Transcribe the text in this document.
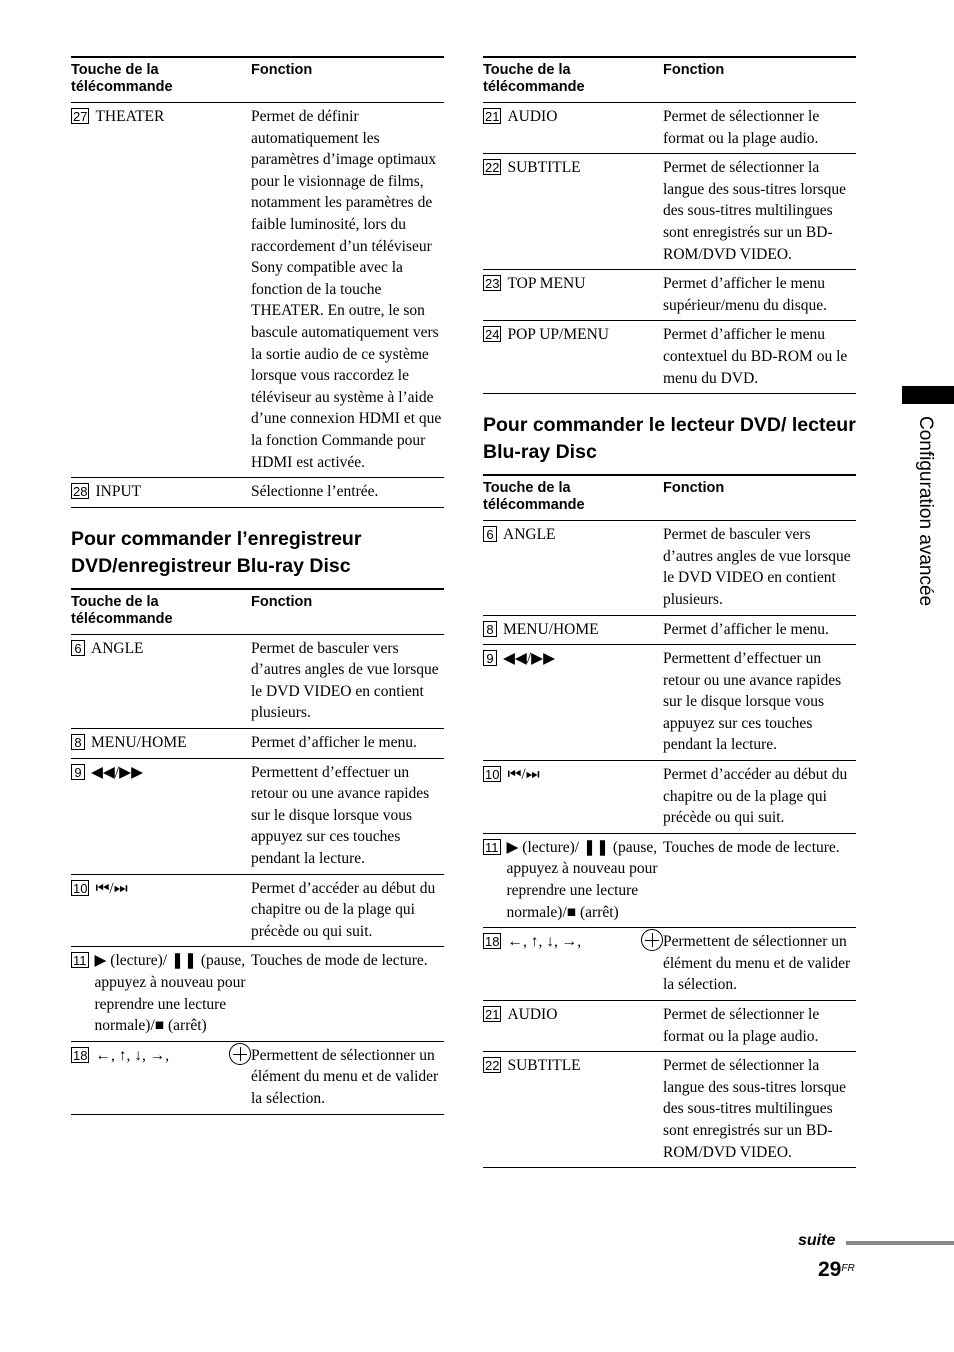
Touche de la télécommande	Fonction

27 THEATER	Permet de définir automatiquement les paramètres d’image optimaux pour le visionnage de films, notamment les paramètres de faible luminosité, lors du raccordement d’un téléviseur Sony compatible avec la fonction de la touche THEATER. En outre, le son bascule automatiquement vers la sortie audio de ce système lorsque vous raccordez le téléviseur au système à l’aide d’une connexion HDMI et que la fonction Commande pour HDMI est activée.

28 INPUT	Sélectionne l’entrée.
Pour commander l’enregistreur DVD/enregistreur Blu-ray Disc
Touche de la télécommande	Fonction

6 ANGLE	Permet de basculer vers d’autres angles de vue lorsque le DVD VIDEO en contient plusieurs.

8 MENU/HOME	Permet d’afficher le menu.

9 ◀◀/▶▶	Permettent d’effectuer un retour ou une avance rapides sur le disque lorsque vous appuyez sur ces touches pendant la lecture.

10 ⏮/⏭	Permet d’accéder au début du chapitre ou de la plage qui précède ou qui suit.

11 ▶ (lecture)/ ❚❚ (pause, appuyez à nouveau pour reprendre une lecture normale)/■ (arrêt)	Touches de mode de lecture.

18 ←, ↑, ↓, →,	Permettent de sélectionner un élément du menu et de valider la sélection.
Touche de la télécommande	Fonction

21 AUDIO	Permet de sélectionner le format ou la plage audio.

22 SUBTITLE	Permet de sélectionner la langue des sous-titres lorsque des sous-titres multilingues sont enregistrés sur un BD-ROM/DVD VIDEO.

23 TOP MENU	Permet d’afficher le menu supérieur/menu du disque.

24 POP UP/MENU	Permet d’afficher le menu contextuel du BD-ROM ou le menu du DVD.
Pour commander le lecteur DVD/ lecteur Blu-ray Disc
Touche de la télécommande	Fonction

6 ANGLE	Permet de basculer vers d’autres angles de vue lorsque le DVD VIDEO en contient plusieurs.

8 MENU/HOME	Permet d’afficher le menu.

9 ◀◀/▶▶	Permettent d’effectuer un retour ou une avance rapides sur le disque lorsque vous appuyez sur ces touches pendant la lecture.

10 ⏮/⏭	Permet d’accéder au début du chapitre ou de la plage qui précède ou qui suit.

11 ▶ (lecture)/ ❚❚ (pause, appuyez à nouveau pour reprendre une lecture normale)/■ (arrêt)	Touches de mode de lecture.

18 ←, ↑, ↓, →,	Permettent de sélectionner un élément du menu et de valider la sélection.

21 AUDIO	Permet de sélectionner le format ou la plage audio.

22 SUBTITLE	Permet de sélectionner la langue des sous-titres lorsque des sous-titres multilingues sont enregistrés sur un BD-ROM/DVD VIDEO.
Configuration avancée
suite
$29^{FR}$
